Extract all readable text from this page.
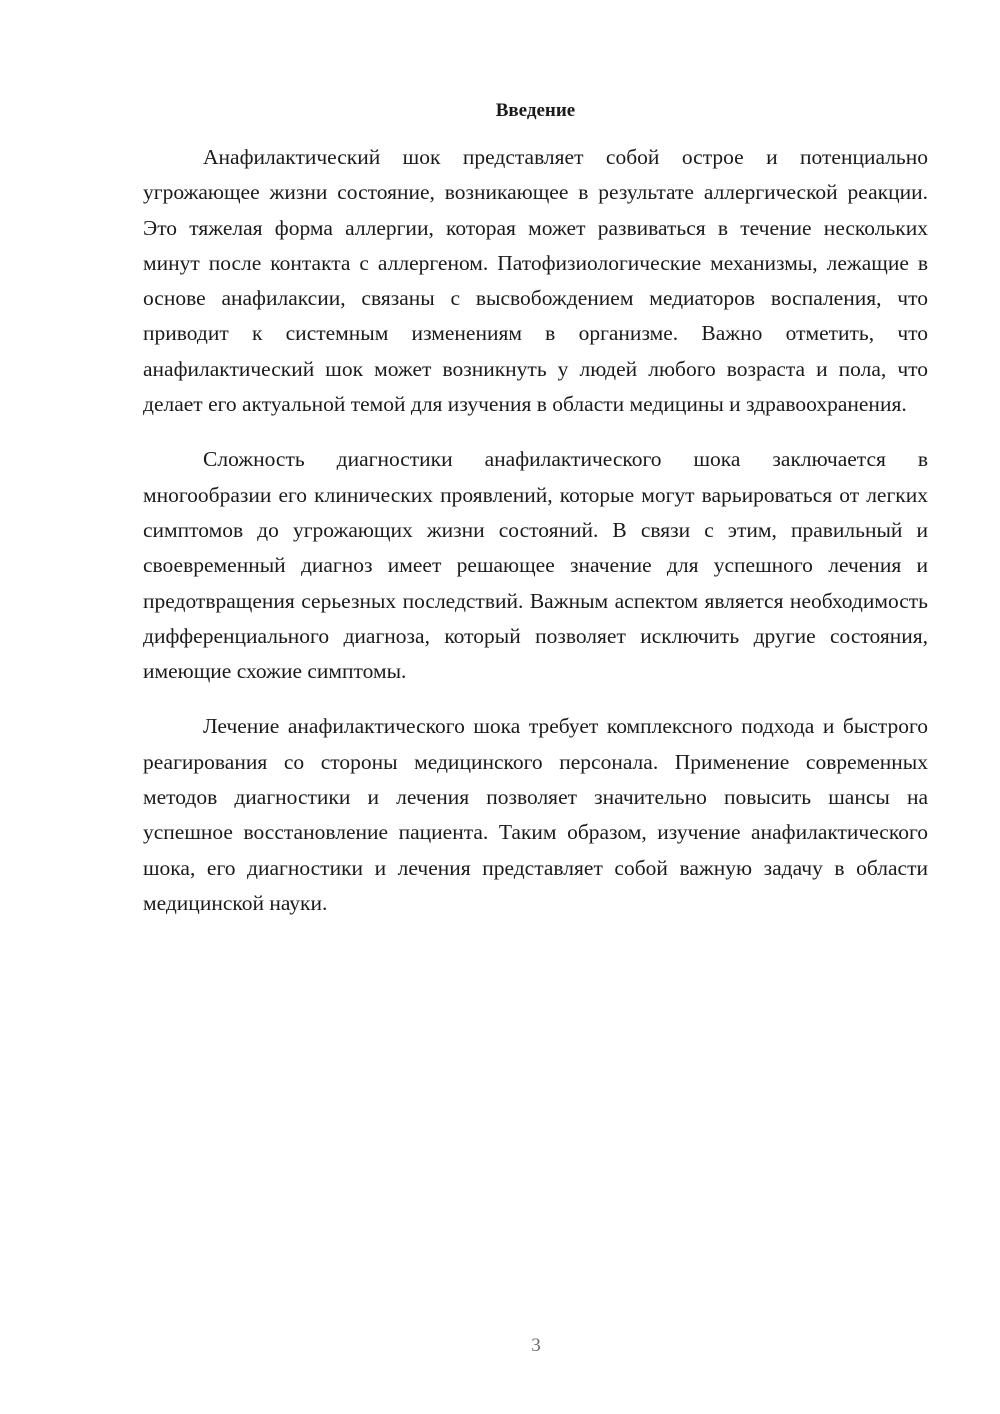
Введение

Анафилактический шок представляет собой острое и потенциально угрожающее жизни состояние, возникающее в результате аллергической реакции. Это тяжелая форма аллергии, которая может развиваться в течение нескольких минут после контакта с аллергеном. Патофизиологические механизмы, лежащие в основе анафилаксии, связаны с высвобождением медиаторов воспаления, что приводит к системным изменениям в организме. Важно отметить, что анафилактический шок может возникнуть у людей любого возраста и пола, что делает его актуальной темой для изучения в области медицины и здравоохранения.

Сложность диагностики анафилактического шока заключается в многообразии его клинических проявлений, которые могут варьироваться от легких симптомов до угрожающих жизни состояний. В связи с этим, правильный и своевременный диагноз имеет решающее значение для успешного лечения и предотвращения серьезных последствий. Важным аспектом является необходимость дифференциального диагноза, который позволяет исключить другие состояния, имеющие схожие симптомы.

Лечение анафилактического шока требует комплексного подхода и быстрого реагирования со стороны медицинского персонала. Применение современных методов диагностики и лечения позволяет значительно повысить шансы на успешное восстановление пациента. Таким образом, изучение анафилактического шока, его диагностики и лечения представляет собой важную задачу в области медицинской науки.

3
